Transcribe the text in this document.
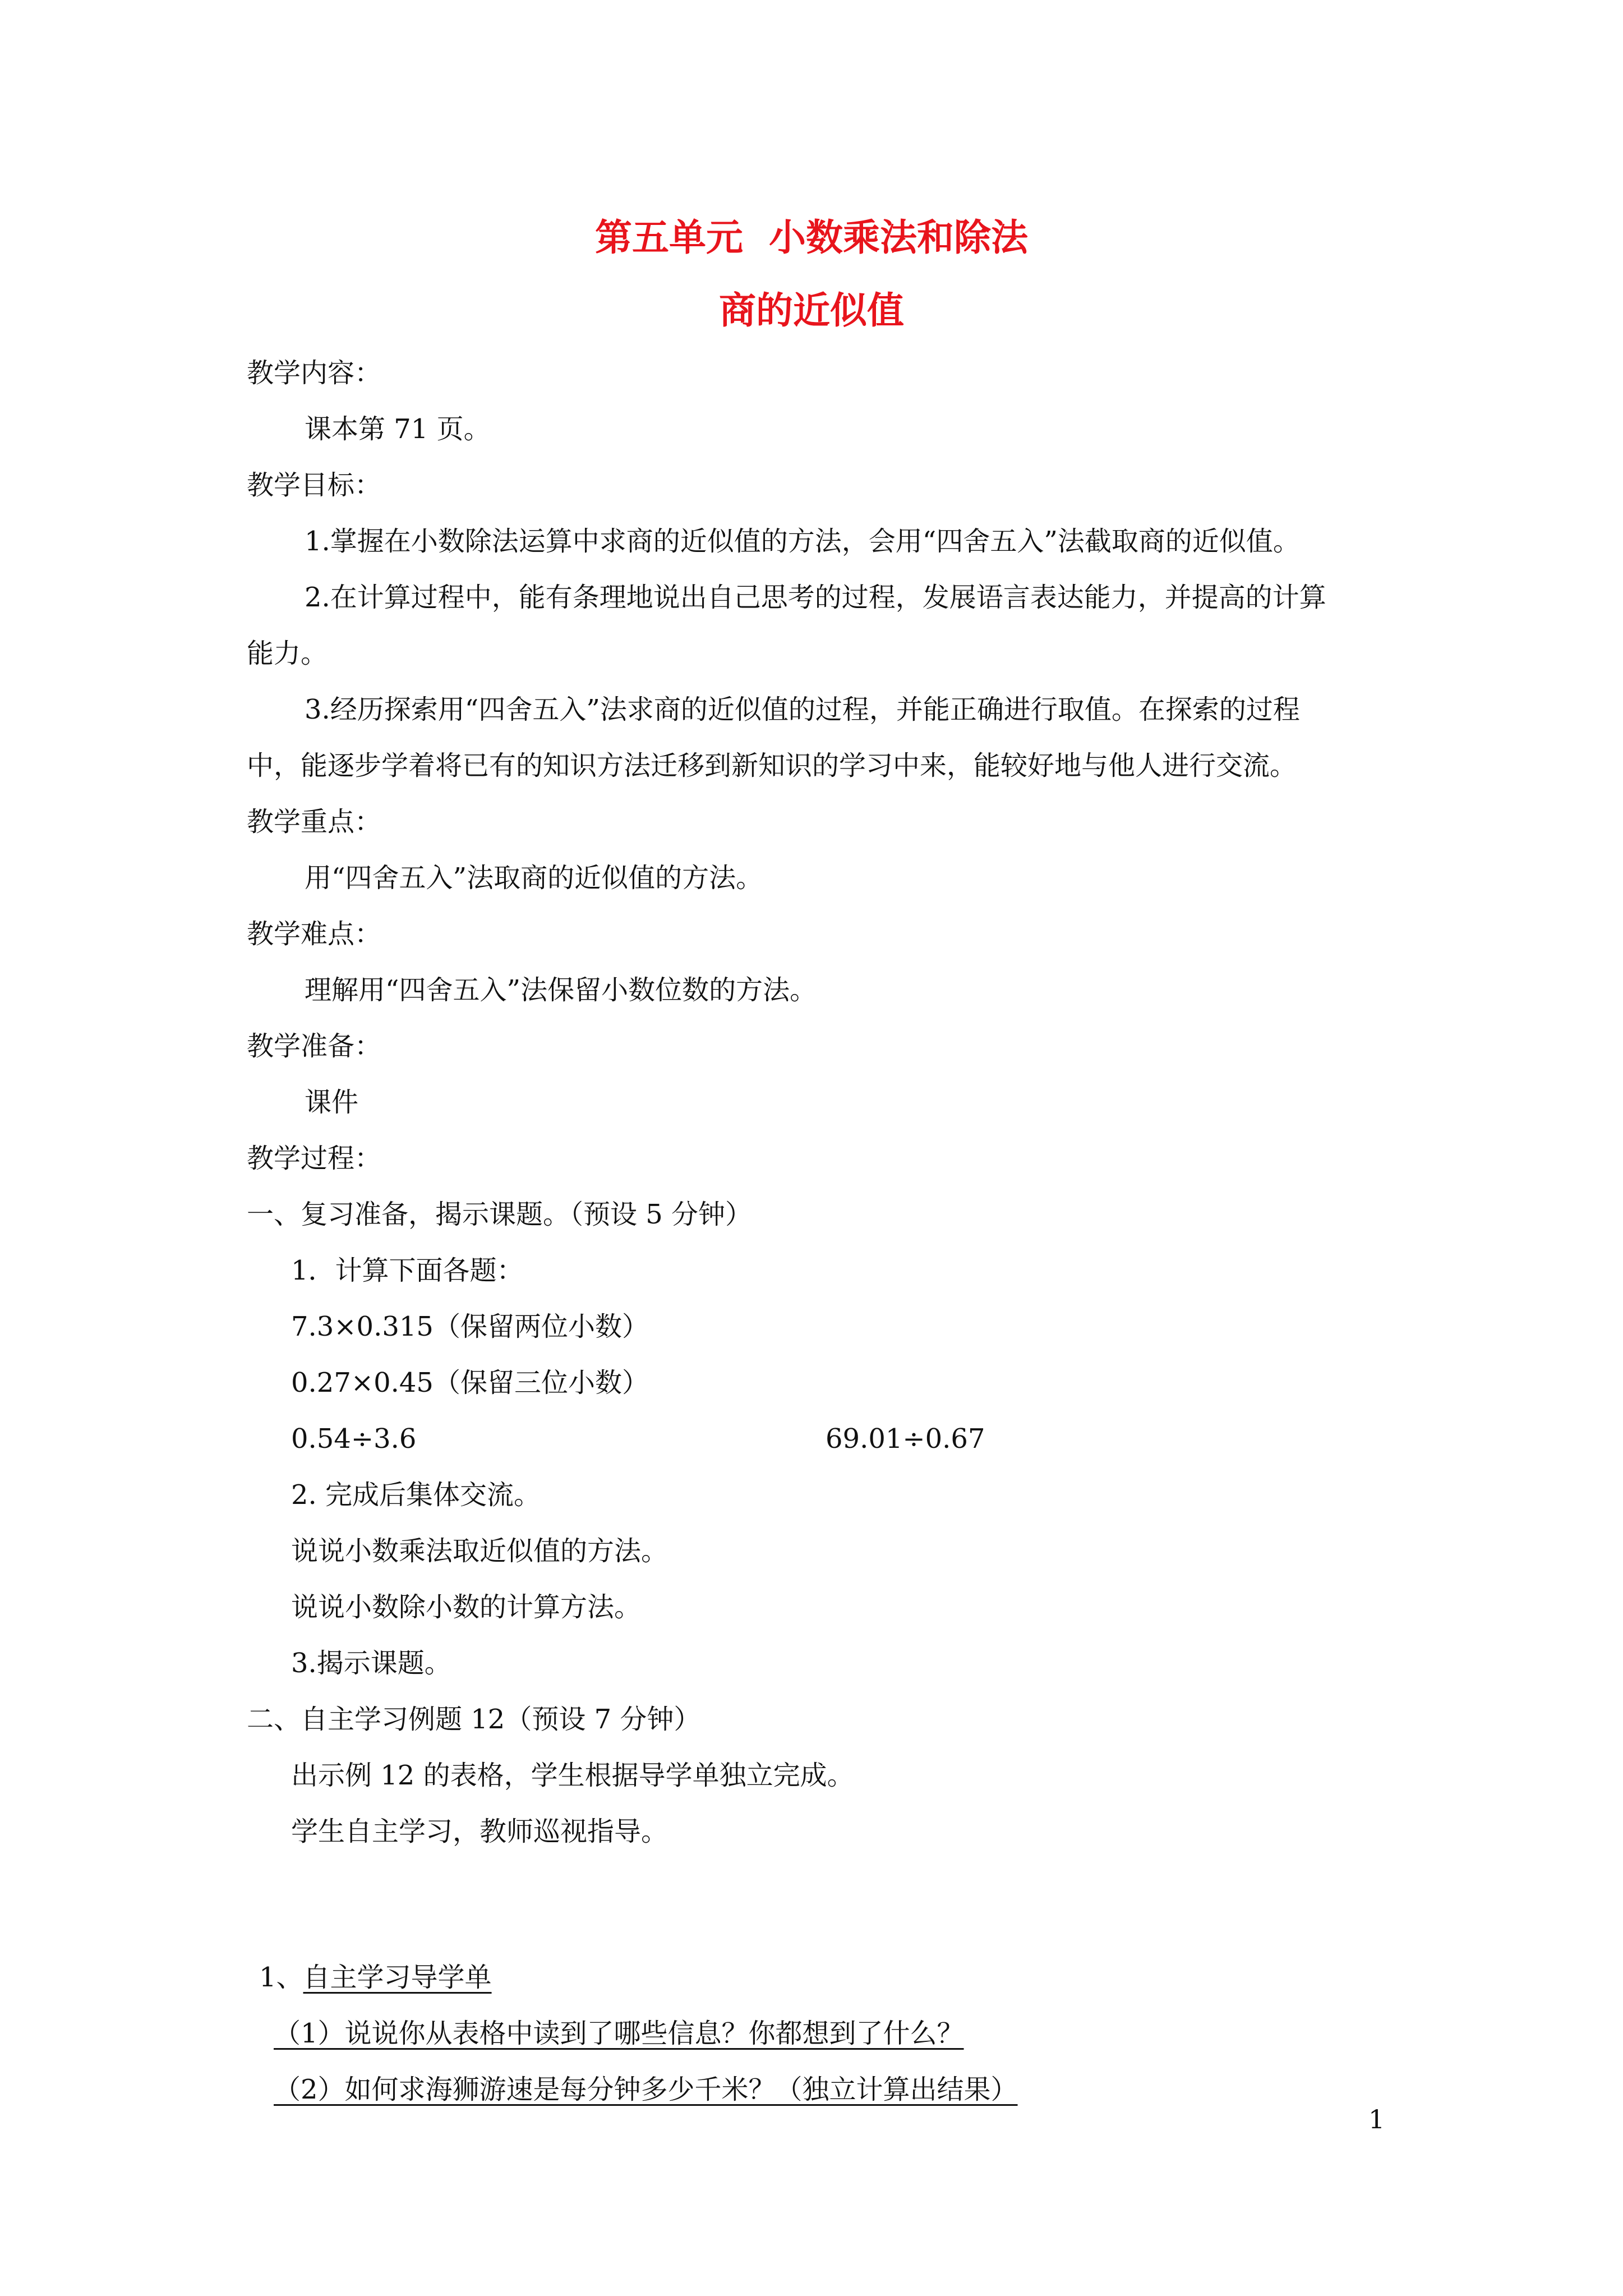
第五单元  小数乘法和除法
商的近似值
教学内容：
课本第 71 页。
教学目标：
1.掌握在小数除法运算中求商的近似值的方法，会用“四舍五入”法截取商的近似值。
2.在计算过程中，能有条理地说出自己思考的过程，发展语言表达能力，并提高的计算
能力。
3.经历探索用“四舍五入”法求商的近似值的过程，并能正确进行取值。在探索的过程
中，能逐步学着将已有的知识方法迁移到新知识的学习中来，能较好地与他人进行交流。
教学重点：
用“四舍五入”法取商的近似值的方法。
教学难点：
理解用“四舍五入”法保留小数位数的方法。
教学准备：
课件
教学过程：
一、复习准备，揭示课题。（预设 5 分钟）
1．计算下面各题：
7.3×0.315（保留两位小数）
0.27×0.45（保留三位小数）
0.54÷3.6	69.01÷0.67
2. 完成后集体交流。
说说小数乘法取近似值的方法。
说说小数除小数的计算方法。
3.揭示课题。
二、自主学习例题 12（预设 7 分钟）
出示例 12 的表格，学生根据导学单独立完成。
学生自主学习，教师巡视指导。
1、自主学习导学单
（1）说说你从表格中读到了哪些信息？你都想到了什么？
（2）如何求海狮游速是每分钟多少千米？（独立计算出结果）
1
